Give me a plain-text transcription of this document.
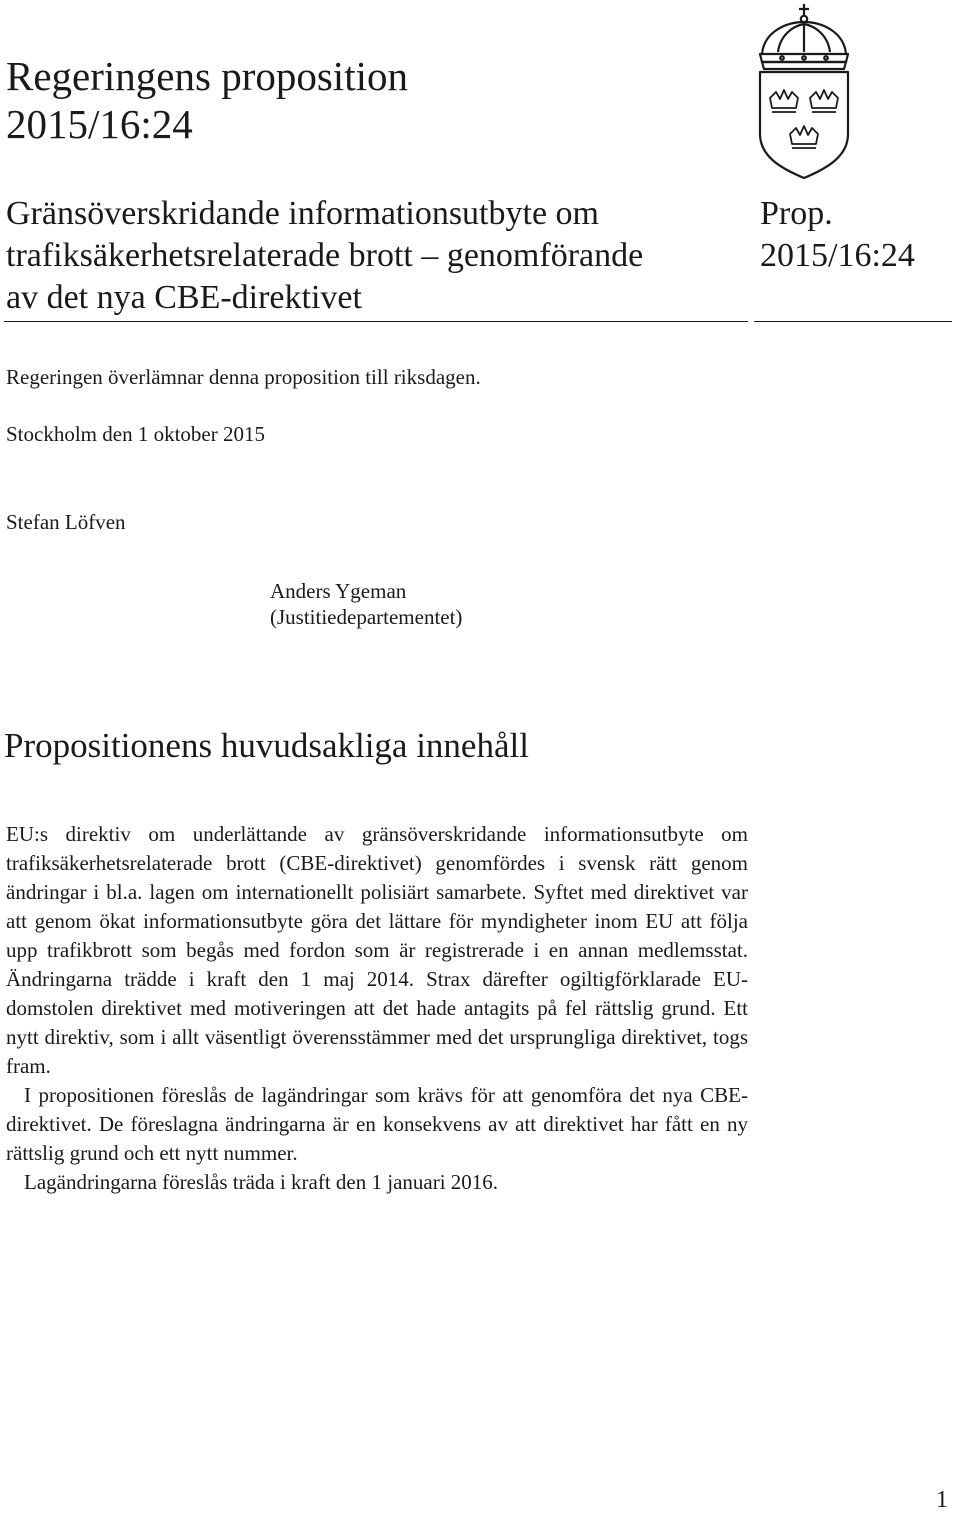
Regeringens proposition
2015/16:24
Gränsöverskridande informationsutbyte om
trafiksäkerhetsrelaterade brott – genomförande
av det nya CBE-direktivet
Prop.
2015/16:24
Regeringen överlämnar denna proposition till riksdagen.
Stockholm den 1 oktober 2015
Stefan Löfven
Anders Ygeman
(Justitiedepartementet)
Propositionens huvudsakliga innehåll

EU:s direktiv om underlättande av gränsöverskridande informationsutbyte om trafiksäkerhetsrelaterade brott (CBE-direktivet) genomfördes i svensk rätt genom ändringar i bl.a. lagen om internationellt polisiärt samarbete. Syftet med direktivet var att genom ökat informationsutbyte göra det lättare för myndigheter inom EU att följa upp trafikbrott som begås med fordon som är registrerade i en annan medlemsstat. Ändringarna trädde i kraft den 1 maj 2014. Strax därefter ogiltigförklarade EU-domstolen direktivet med motiveringen att det hade antagits på fel rättslig grund. Ett nytt direktiv, som i allt väsentligt överensstämmer med det ursprungliga direktivet, togs fram.

I propositionen föreslås de lagändringar som krävs för att genomföra det nya CBE-direktivet. De föreslagna ändringarna är en konsekvens av att direktivet har fått en ny rättslig grund och ett nytt nummer.

Lagändringarna föreslås träda i kraft den 1 januari 2016.

1
